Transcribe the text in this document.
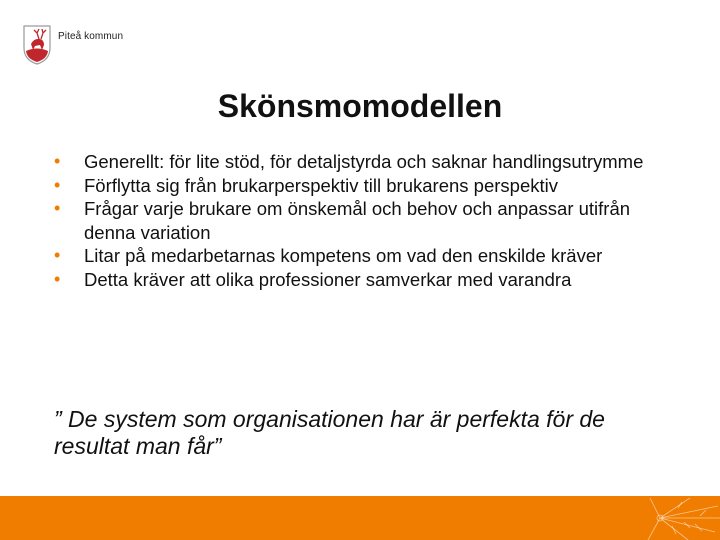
Piteå kommun
Skönsmomodellen
• Generellt: för lite stöd, för detaljstyrda och saknar handlingsutrymme
• Förflytta sig från brukarperspektiv till brukarens perspektiv
• Frågar varje brukare om önskemål och behov och anpassar utifrån denna variation
• Litar på medarbetarnas kompetens om vad den enskilde kräver
• Detta kräver att olika professioner samverkar med varandra
” De system som organisationen har är perfekta för de resultat man får”
